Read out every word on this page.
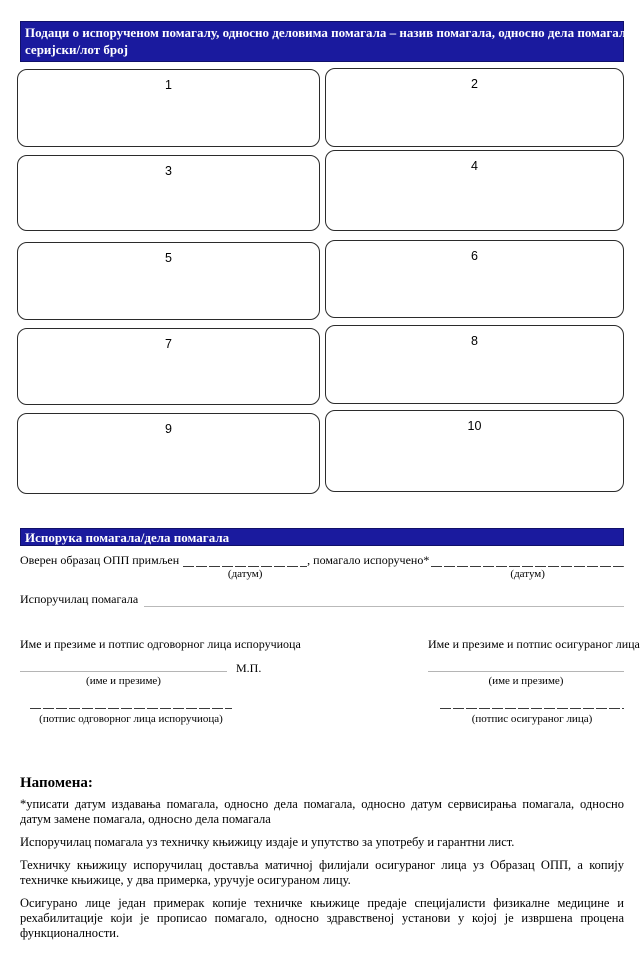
Подаци о испорученом помагалу, односно деловима помагала – назив помагала, односно дела помагала,
серијски/лот број
1	2
3	4
5	6
7	8
9	10
Испорука помагала/дела помагала
Оверен образац ОПП примљен
(датум)
, помагало испоручено*
(датум)
Испоручилац помагала
Име и презиме и потпис одговорног лица испоручиоца
М.П.
(име и презиме)
(потпис одговорног лица испоручиоца)
Име и презиме и потпис осигураног лица
(име и презиме)
(потпис осигураног лица)
Напомена:

*уписати датум издавања помагала, односно дела помагала, односно датум сервисирања помагала, односно датум замене помагала, односно дела помагала

Испоручилац помагала уз техничку књижицу издаје и упутство за употребу и гарантни лист.

Техничку књижицу испоручилац доставља матичној филијали осигураног лица уз Образац ОПП, а копију техничке књижице, у два примерка, уручује осигураном лицу.

Осигурано лице један примерак копије техничке књижице предаје специјалисти физикалне медицине и рехабилитације који је прописао помагало, односно здравственој установи у којој је извршена процена функционалности.
